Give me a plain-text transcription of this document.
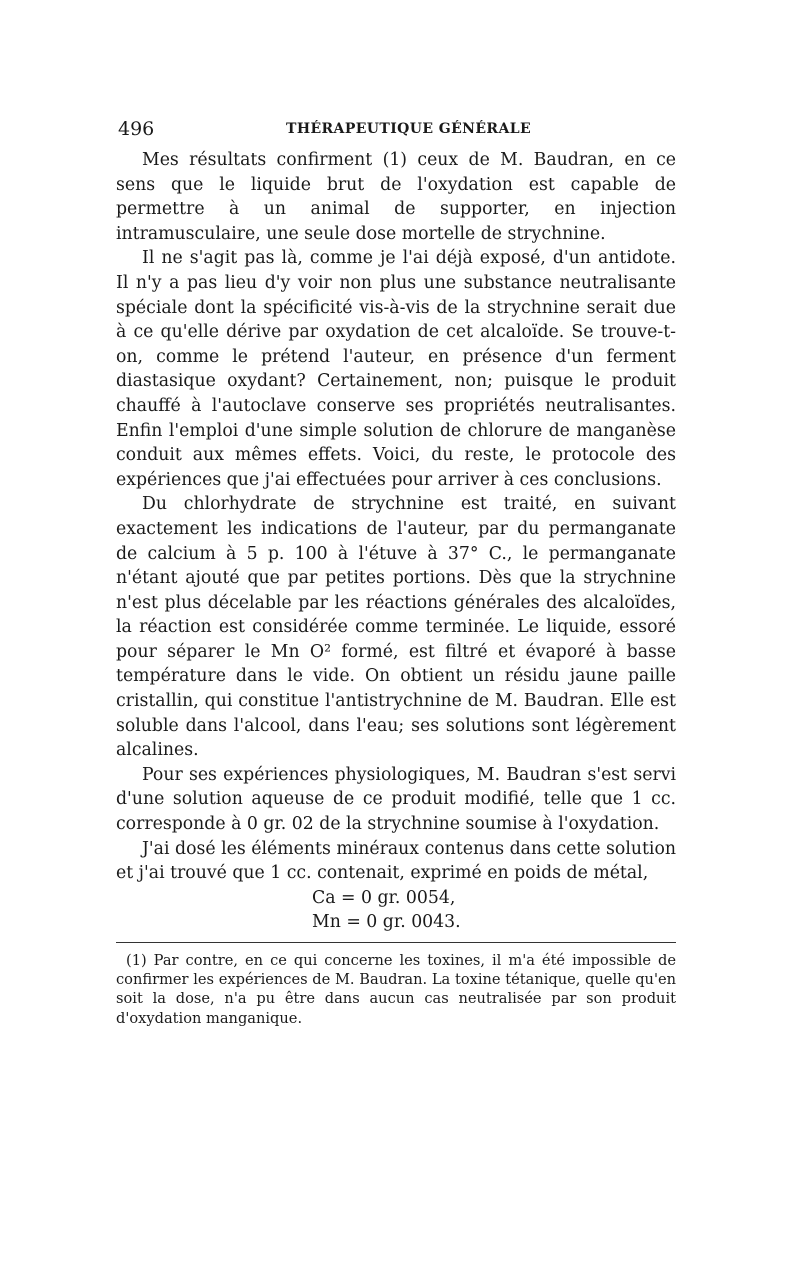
496	THÉRAPEUTIQUE GÉNÉRALE

Mes résultats confirment (1) ceux de M. Baudran, en ce sens que le liquide brut de l'oxydation est capable de permettre à un animal de supporter, en injection intramusculaire, une seule dose mortelle de strychnine.

Il ne s'agit pas là, comme je l'ai déjà exposé, d'un antidote. Il n'y a pas lieu d'y voir non plus une substance neutralisante spéciale dont la spécificité vis-à-vis de la strychnine serait due à ce qu'elle dérive par oxydation de cet alcaloïde. Se trouve-t-on, comme le prétend l'auteur, en présence d'un ferment diastasique oxydant? Certainement, non; puisque le produit chauffé à l'autoclave conserve ses propriétés neutralisantes. Enfin l'emploi d'une simple solution de chlorure de manganèse conduit aux mêmes effets. Voici, du reste, le protocole des expériences que j'ai effectuées pour arriver à ces conclusions.

Du chlorhydrate de strychnine est traité, en suivant exactement les indications de l'auteur, par du permanganate de calcium à 5 p. 100 à l'étuve à 37° C., le permanganate n'étant ajouté que par petites portions. Dès que la strychnine n'est plus décelable par les réactions générales des alcaloïdes, la réaction est considérée comme terminée. Le liquide, essoré pour séparer le Mn O² formé, est filtré et évaporé à basse température dans le vide. On obtient un résidu jaune paille cristallin, qui constitue l'antistrychnine de M. Baudran. Elle est soluble dans l'alcool, dans l'eau; ses solutions sont légèrement alcalines.

Pour ses expériences physiologiques, M. Baudran s'est servi d'une solution aqueuse de ce produit modifié, telle que 1 cc. corresponde à 0 gr. 02 de la strychnine soumise à l'oxydation.

J'ai dosé les éléments minéraux contenus dans cette solution et j'ai trouvé que 1 cc. contenait, exprimé en poids de métal,

Ca = 0 gr. 0054,
Mn = 0 gr. 0043.

(1) Par contre, en ce qui concerne les toxines, il m'a été impossible de confirmer les expériences de M. Baudran. La toxine tétanique, quelle qu'en soit la dose, n'a pu être dans aucun cas neutralisée par son produit d'oxydation manganique.
